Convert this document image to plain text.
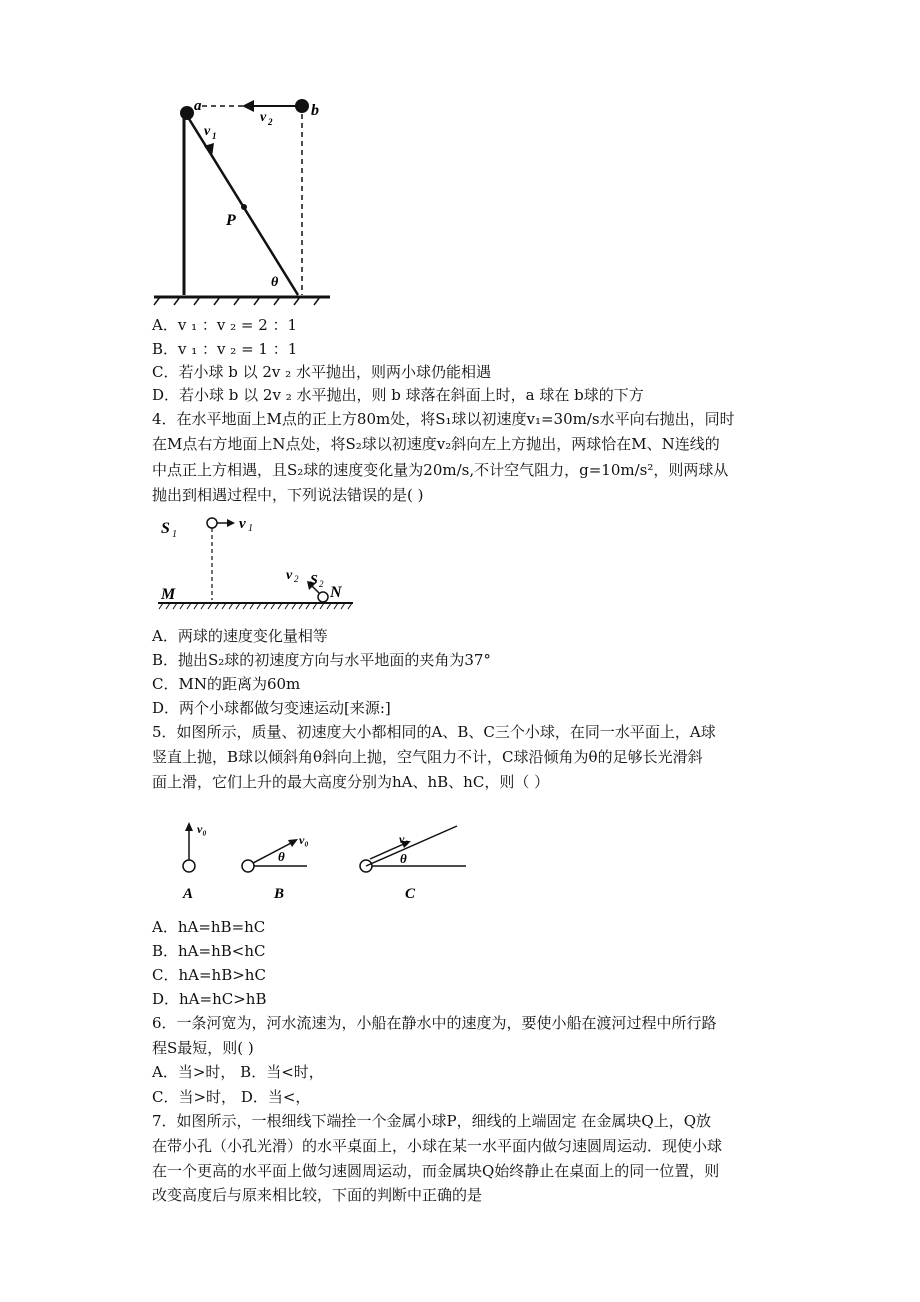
a	b
v 1
v 2
P
θ
A．v ₁ ：v ₂ = 2 ：1
B．v ₁ ：v ₂ = 1 ：1
C．若小球 b 以 2v ₂ 水平抛出，则两小球仍能相遇
D．若小球 b 以 2v ₂ 水平抛出，则 b 球落在斜面上时，a 球在 b球的下方
4．在水平地面上M点的正上方80m处，将S₁球以初速度v₁=30m/s水平向右抛出，同时
在M点右方地面上N点处，将S₂球以初速度v₂斜向左上方抛出，两球恰在M、N连线的
中点正上方相遇，且S₂球的速度变化量为20m/s,不计空气阻力，g=10m/s²，则两球从
抛出到相遇过程中，下列说法错误的是( )
S 1
v 1
M
v 2 S 2 N
A．两球的速度变化量相等
B．抛出S₂球的初速度方向与水平地面的夹角为37°
C．MN的距离为60m
D．两个小球都做匀变速运动[来源:]
5．如图所示，质量、初速度大小都相同的A、B、C三个小球，在同一水平面上，A球
竖直上抛，B球以倾斜角θ斜向上抛，空气阻力不计，C球沿倾角为θ的足够长光滑斜
面上滑，它们上升的最大高度分别为hA、hB、hC，则（ ）
v₀
A
v₀
θ
B
v₀
θ
C
A．hA=hB=hC
B．hA=hB<hC
C．hA=hB>hC
D．hA=hC>hB
6．一条河宽为，河水流速为，小船在静水中的速度为，要使小船在渡河过程中所行路
程S最短，则( )
A．当>时， B．当<时，
C．当>时， D．当<，
7．如图所示，一根细线下端拴一个金属小球P，细线的上端固定 在金属块Q上，Q放
在带小孔（小孔光滑）的水平桌面上，小球在某一水平面内做匀速圆周运动．现使小球
在一个更高的水平面上做匀速圆周运动，而金属块Q始终静止在桌面上的同一位置，则
改变高度后与原来相比较，下面的判断中正确的是
